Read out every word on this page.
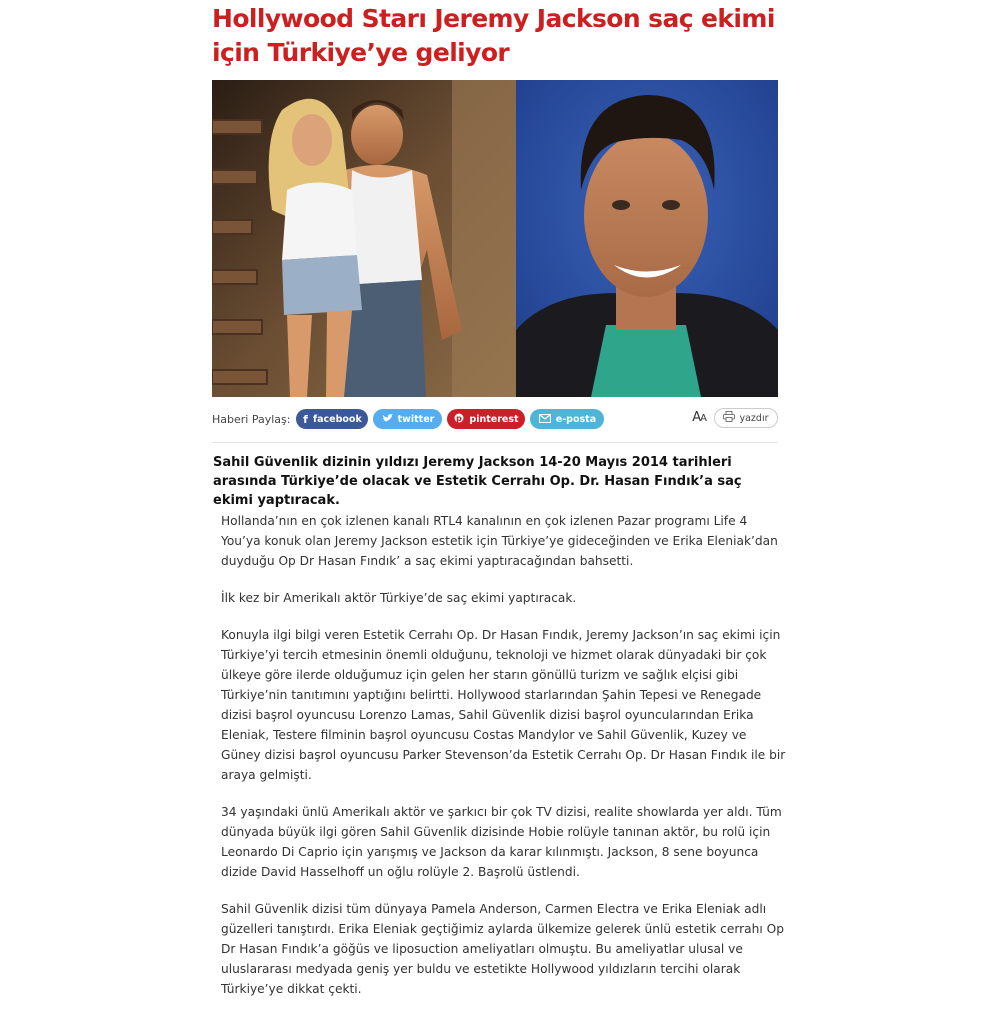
Hollywood Starı Jeremy Jackson saç ekimi için Türkiye’ye geliyor
Haberi Paylaş: f facebook	twitter	p pinterest	e-posta	AA	yazdır

Sahil Güvenlik dizinin yıldızı Jeremy Jackson 14-20 Mayıs 2014 tarihleri arasında Türkiye’de olacak ve Estetik Cerrahı Op. Dr. Hasan Fındık’a saç ekimi yaptıracak.

Hollanda’nın en çok izlenen kanalı RTL4 kanalının en çok izlenen Pazar programı Life 4 You’ya konuk olan Jeremy Jackson estetik için Türkiye’ye gideceğinden ve Erika Eleniak’dan duyduğu Op Dr Hasan Fındık’ a saç ekimi yaptıracağından bahsetti.

İlk kez bir Amerikalı aktör Türkiye’de saç ekimi yaptıracak.

Konuyla ilgi bilgi veren Estetik Cerrahı Op. Dr Hasan Fındık, Jeremy Jackson’ın saç ekimi için Türkiye’yi tercih etmesinin önemli olduğunu, teknoloji ve hizmet olarak dünyadaki bir çok ülkeye göre ilerde olduğumuz için gelen her starın gönüllü turizm ve sağlık elçisi gibi Türkiye’nin tanıtımını yaptığını belirtti. Hollywood starlarından Şahin Tepesi ve Renegade dizisi başrol oyuncusu Lorenzo Lamas, Sahil Güvenlik dizisi başrol oyuncularından Erika Eleniak, Testere filminin başrol oyuncusu Costas Mandylor ve Sahil Güvenlik, Kuzey ve Güney dizisi başrol oyuncusu Parker Stevenson’da Estetik Cerrahı Op. Dr Hasan Fındık ile bir araya gelmişti.

34 yaşındaki ünlü Amerikalı aktör ve şarkıcı bir çok TV dizisi, realite showlarda yer aldı. Tüm dünyada büyük ilgi gören Sahil Güvenlik dizisinde Hobie rolüyle tanınan aktör, bu rolü için Leonardo Di Caprio için yarışmış ve Jackson da karar kılınmıştı. Jackson, 8 sene boyunca dizide David Hasselhoff un oğlu rolüyle 2. Başrolü üstlendi.

Sahil Güvenlik dizisi tüm dünyaya Pamela Anderson, Carmen Electra ve Erika Eleniak adlı güzelleri tanıştırdı. Erika Eleniak geçtiğimiz aylarda ülkemize gelerek ünlü estetik cerrahı Op Dr Hasan Fındık’a göğüs ve liposuction ameliyatları olmuştu. Bu ameliyatlar ulusal ve uluslararası medyada geniş yer buldu ve estetikte Hollywood yıldızların tercihi olarak Türkiye’ye dikkat çekti.
